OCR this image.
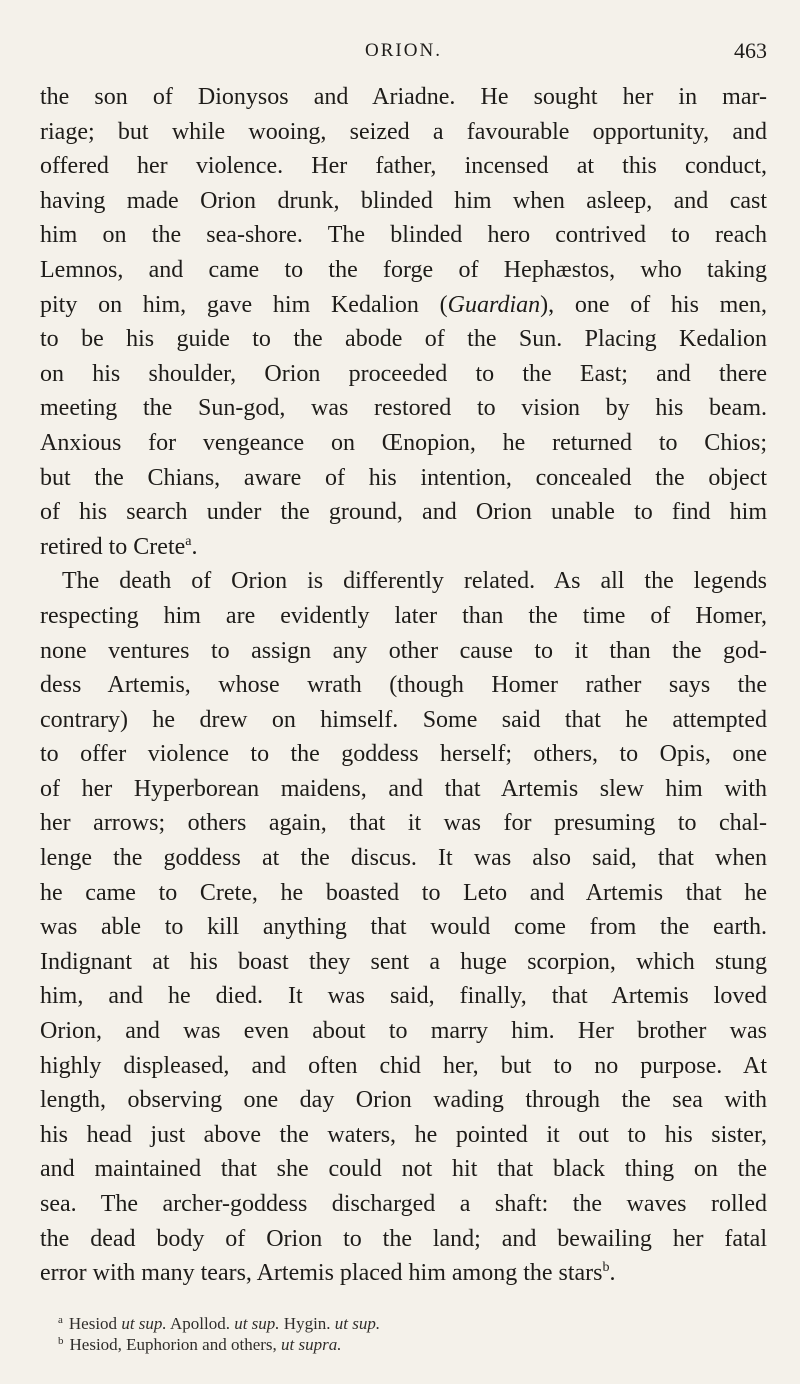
ORION.	463
the son of Dionysos and Ariadne. He sought her in mar-
riage; but while wooing, seized a favourable opportunity, and
offered her violence. Her father, incensed at this conduct,
having made Orion drunk, blinded him when asleep, and cast
him on the sea-shore. The blinded hero contrived to reach
Lemnos, and came to the forge of Hephæstos, who taking
pity on him, gave him Kedalion (Guardian), one of his men,
to be his guide to the abode of the Sun. Placing Kedalion
on his shoulder, Orion proceeded to the East; and there
meeting the Sun-god, was restored to vision by his beam.
Anxious for vengeance on Œnopion, he returned to Chios;
but the Chians, aware of his intention, concealed the object
of his search under the ground, and Orion unable to find him
retired to Crete$^a$.
The death of Orion is differently related. As all the legends
respecting him are evidently later than the time of Homer,
none ventures to assign any other cause to it than the god-
dess Artemis, whose wrath (though Homer rather says the
contrary) he drew on himself. Some said that he attempted
to offer violence to the goddess herself; others, to Opis, one
of her Hyperborean maidens, and that Artemis slew him with
her arrows; others again, that it was for presuming to chal-
lenge the goddess at the discus. It was also said, that when
he came to Crete, he boasted to Leto and Artemis that he
was able to kill anything that would come from the earth.
Indignant at his boast they sent a huge scorpion, which stung
him, and he died. It was said, finally, that Artemis loved
Orion, and was even about to marry him. Her brother was
highly displeased, and often chid her, but to no purpose. At
length, observing one day Orion wading through the sea with
his head just above the waters, he pointed it out to his sister,
and maintained that she could not hit that black thing on the
sea. The archer-goddess discharged a shaft: the waves rolled
the dead body of Orion to the land; and bewailing her fatal
error with many tears, Artemis placed him among the stars$^b$.
$^a$ Hesiod ut sup. Apollod. ut sup. Hygin. ut sup.
$^b$ Hesiod, Euphorion and others, ut supra.
